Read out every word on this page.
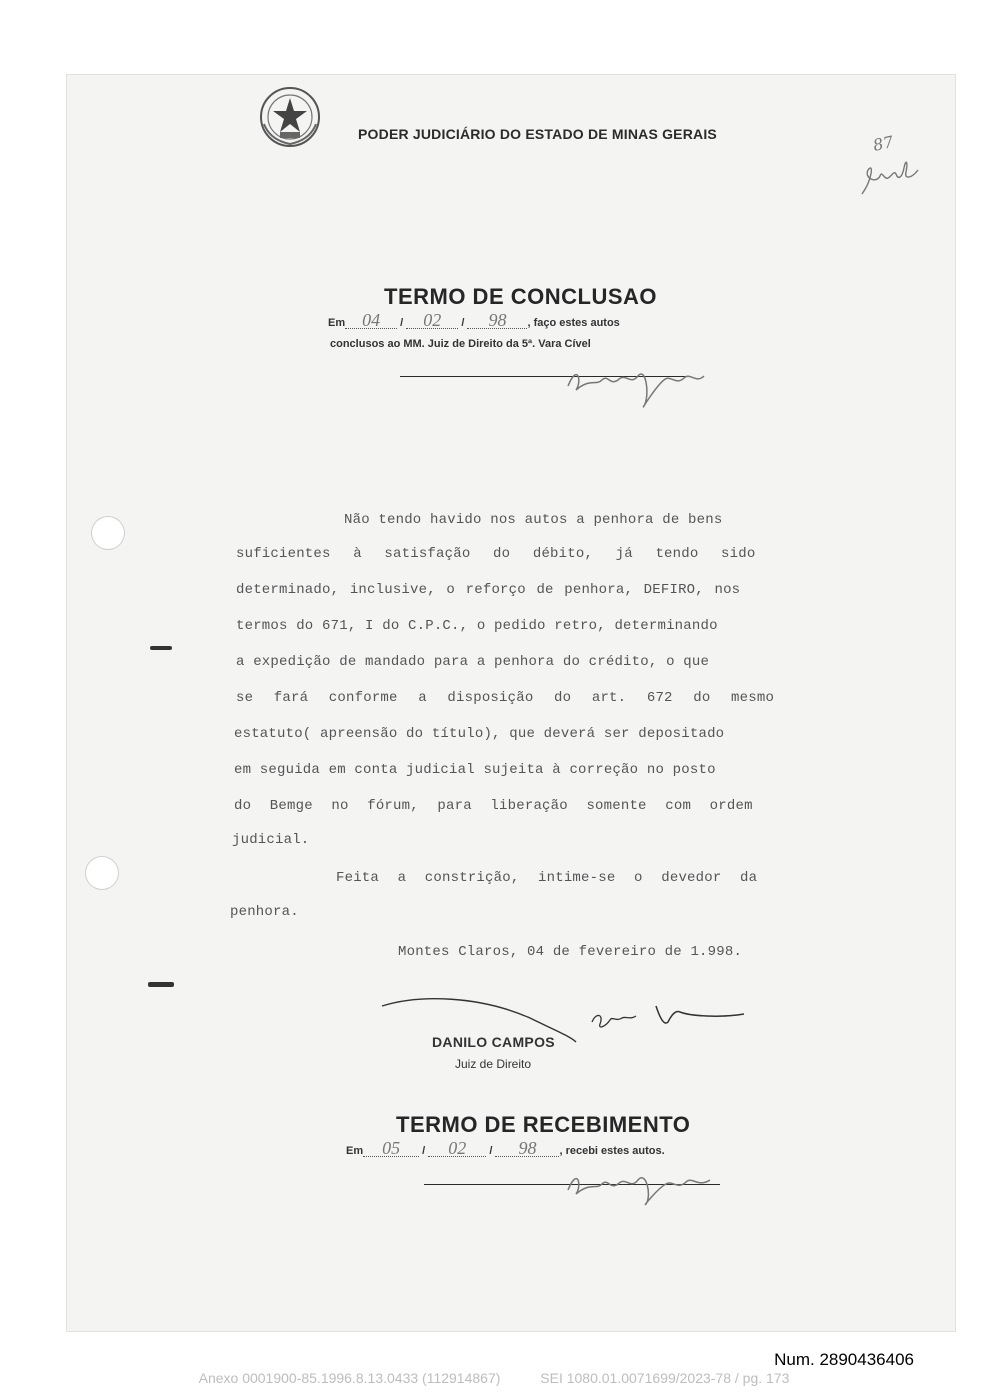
PODER JUDICIÁRIO DO ESTADO DE MINAS GERAIS	87
TERMO DE CONCLUSAO
Em 04 / 02 / 98 , faço estes autos
conclusos ao MM. Juiz de Direito da 5ª. Vara Cível
Não tendo havido nos autos a penhora de bens
suficientes à satisfação do débito, já tendo sido
determinado, inclusive, o reforço de penhora, DEFIRO, nos
termos do 671, I do C.P.C., o pedido retro, determinando
a expedição de mandado para a penhora do crédito, o que
se fará conforme a disposição do art. 672 do mesmo
estatuto( apreensão do título), que deverá ser depositado
em seguida em conta judicial sujeita à correção no posto
do Bemge no fórum, para liberação somente com ordem
judicial.
Feita a constrição, intime-se o devedor da
penhora.
Montes Claros, 04 de fevereiro de 1.998.
DANILO CAMPOS
Juiz de Direito
TERMO DE RECEBIMENTO
Em 05 / 02 / 98 , recebi estes autos.
Num. 2890436406
Anexo 0001900-85.1996.8.13.0433 (112914867)	SEI 1080.01.0071699/2023-78 / pg. 173
